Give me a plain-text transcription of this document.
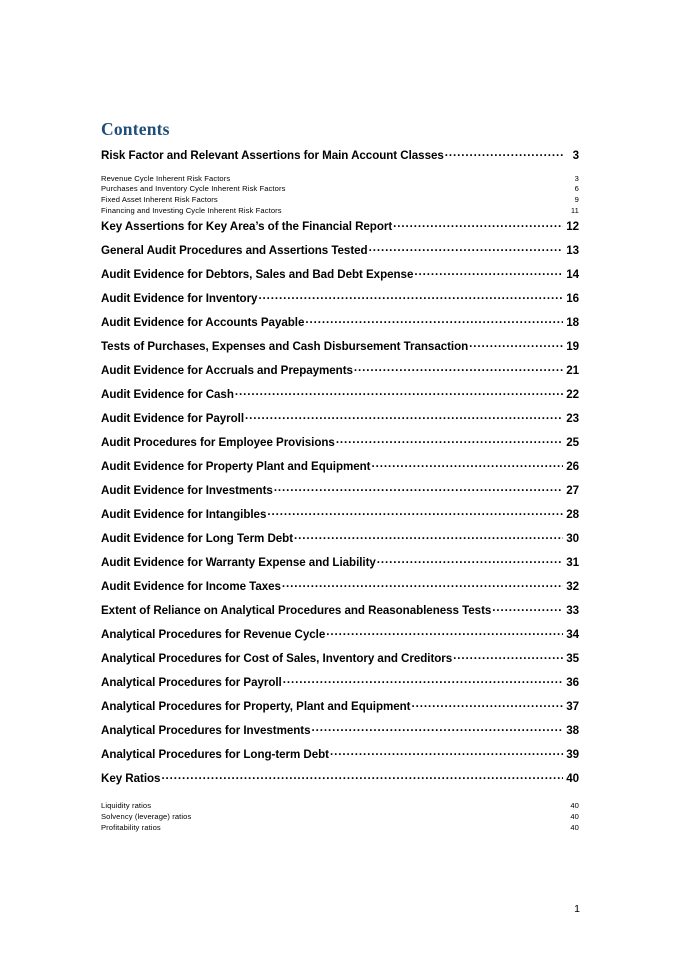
Contents
Risk Factor and Relevant Assertions for Main Account Classes .....	3
Revenue Cycle Inherent Risk Factors	3
Purchases and Inventory Cycle Inherent Risk Factors	6
Fixed Asset Inherent Risk Factors	9
Financing and Investing Cycle Inherent Risk Factors	11
Key Assertions for Key Area’s of the Financial Report .....	12
General Audit Procedures and Assertions Tested .....	13
Audit Evidence for Debtors, Sales and Bad Debt Expense .....	14
Audit Evidence for Inventory .....	16
Audit Evidence for Accounts Payable .....	18
Tests of Purchases, Expenses and Cash Disbursement Transaction .....	19
Audit Evidence for Accruals and Prepayments .....	21
Audit Evidence for Cash .....	22
Audit Evidence for Payroll .....	23
Audit Procedures for Employee Provisions .....	25
Audit Evidence for Property Plant and Equipment .....	26
Audit Evidence for Investments .....	27
Audit Evidence for Intangibles .....	28
Audit Evidence for Long Term Debt .....	30
Audit Evidence for Warranty Expense and Liability .....	31
Audit Evidence for Income Taxes .....	32
Extent of Reliance on Analytical Procedures and Reasonableness Tests .....	33
Analytical Procedures for Revenue Cycle .....	34
Analytical Procedures for Cost of Sales, Inventory and Creditors .....	35
Analytical Procedures for Payroll .....	36
Analytical Procedures for Property, Plant and Equipment .....	37
Analytical Procedures for Investments .....	38
Analytical Procedures for Long-term Debt .....	39
Key Ratios .....	40
Liquidity ratios	40
Solvency (leverage) ratios	40
Profitability ratios	40
1
